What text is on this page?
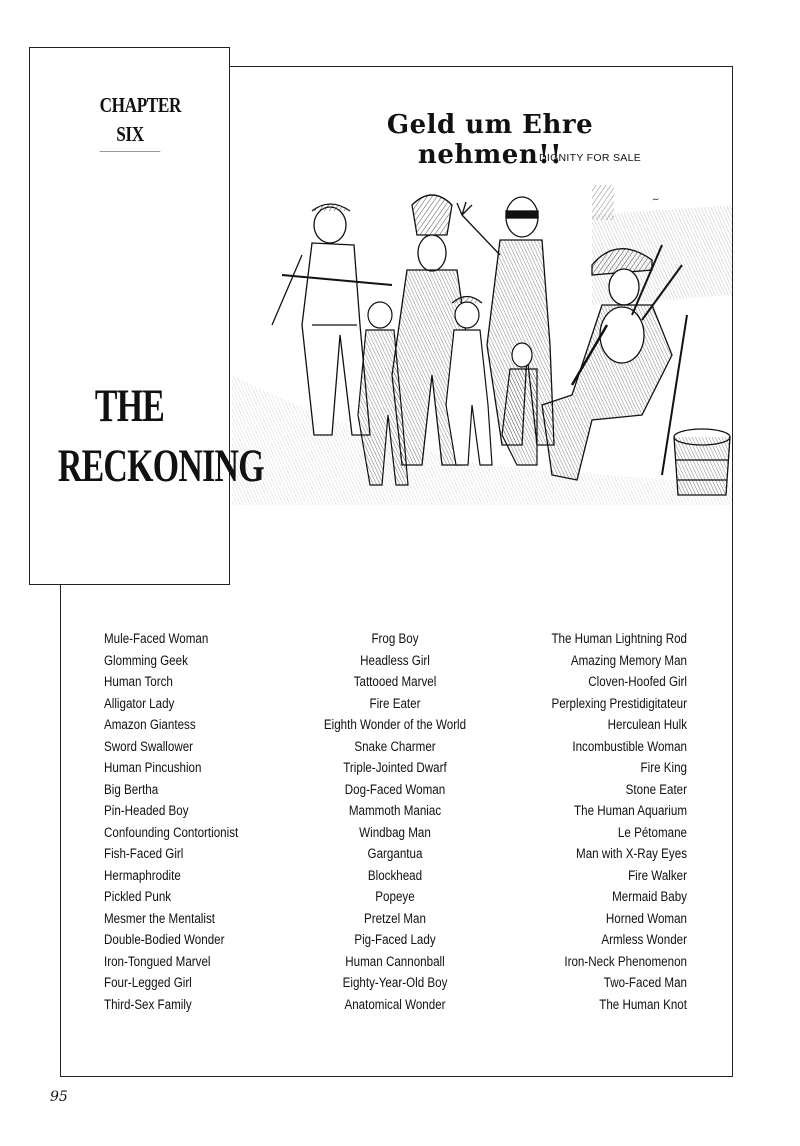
CHAPTER
SIX
THE
RECKONING
Geld um Ehre nehmen!!
DIGNITY FOR SALE
~
Mule-Faced Woman
Glomming Geek
Human Torch
Alligator Lady
Amazon Giantess
Sword Swallower
Human Pincushion
Big Bertha
Pin-Headed Boy
Confounding Contortionist
Fish-Faced Girl
Hermaphrodite
Pickled Punk
Mesmer the Mentalist
Double-Bodied Wonder
Iron-Tongued Marvel
Four-Legged Girl
Third-Sex Family
Frog Boy
Headless Girl
Tattooed Marvel
Fire Eater
Eighth Wonder of the World
Snake Charmer
Triple-Jointed Dwarf
Dog-Faced Woman
Mammoth Maniac
Windbag Man
Gargantua
Blockhead
Popeye
Pretzel Man
Pig-Faced Lady
Human Cannonball
Eighty-Year-Old Boy
Anatomical Wonder
The Human Lightning Rod
Amazing Memory Man
Cloven-Hoofed Girl
Perplexing Prestidigitateur
Herculean Hulk
Incombustible Woman
Fire King
Stone Eater
The Human Aquarium
Le Pétomane
Man with X-Ray Eyes
Fire Walker
Mermaid Baby
Horned Woman
Armless Wonder
Iron-Neck Phenomenon
Two-Faced Man
The Human Knot
95
